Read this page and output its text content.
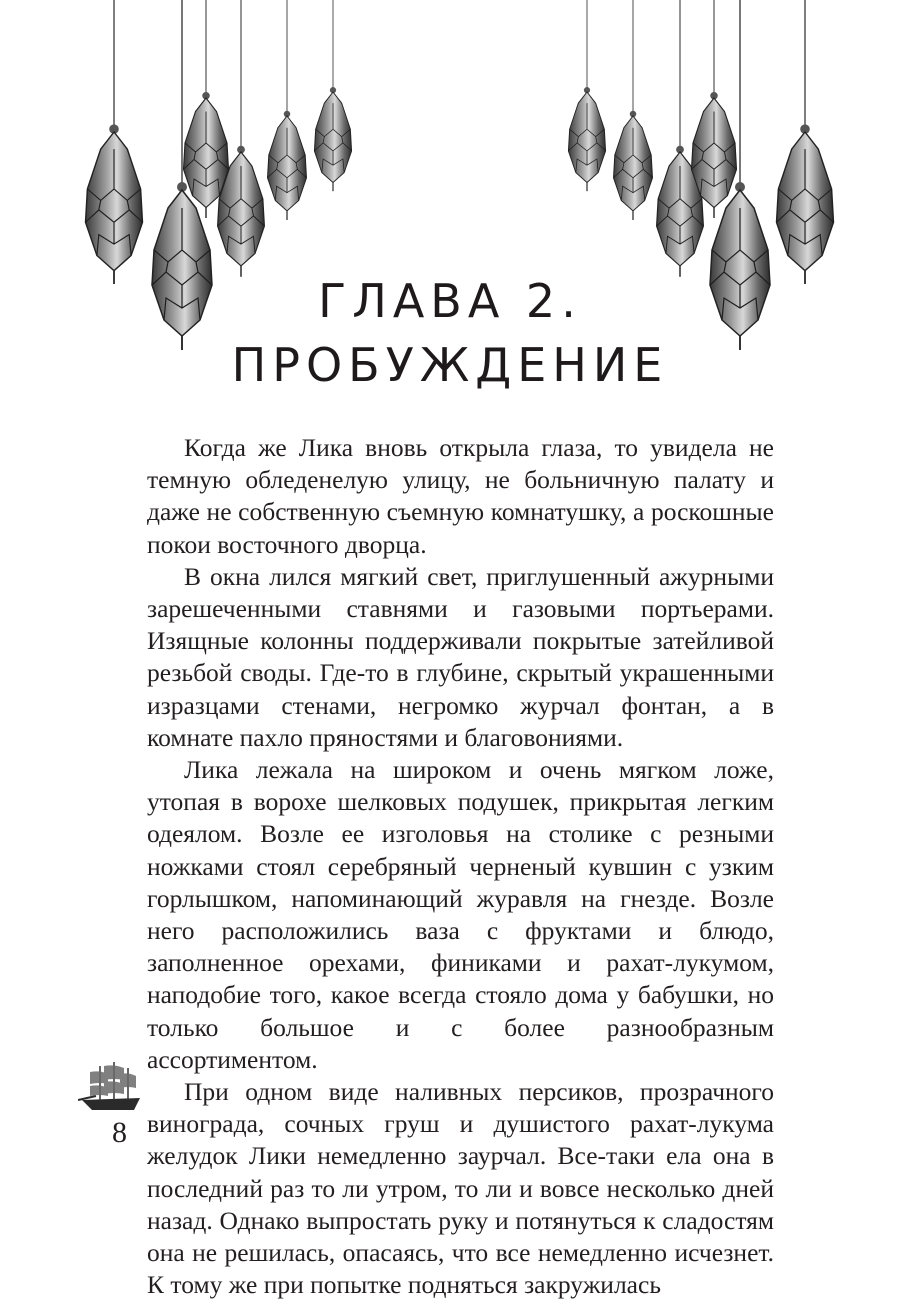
ГЛАВА 2.
ПРОБУЖДЕНИЕ

Когда же Лика вновь открыла глаза, то увидела не темную обледенелую улицу, не больничную палату и даже не собственную съемную комнатушку, а роскошные покои восточного дворца.

В окна лился мягкий свет, приглушенный ажурными зарешеченными ставнями и газовыми портьерами. Изящные колонны поддерживали покрытые затейливой резьбой своды. Где-то в глубине, скрытый украшенными изразцами стенами, негромко журчал фонтан, а в комнате пахло пряностями и благовониями.

Лика лежала на широком и очень мягком ложе, утопая в ворохе шелковых подушек, прикрытая легким одеялом. Возле ее изголовья на столике с резными ножками стоял серебряный черненый кувшин с узким горлышком, напоминающий журавля на гнезде. Возле него расположились ваза с фруктами и блюдо, заполненное орехами, финиками и рахат-лукумом, наподобие того, какое всегда стояло дома у бабушки, но только большое и с более разнообразным ассортиментом.

При одном виде наливных персиков, прозрачного винограда, сочных груш и душистого рахат-лукума желудок Лики немедленно заурчал. Все-таки ела она в последний раз то ли утром, то ли и вовсе несколько дней назад. Однако выпростать руку и потянуться к сладостям она не решилась, опасаясь, что все немедленно исчезнет. К тому же при попытке подняться закружилась

8
